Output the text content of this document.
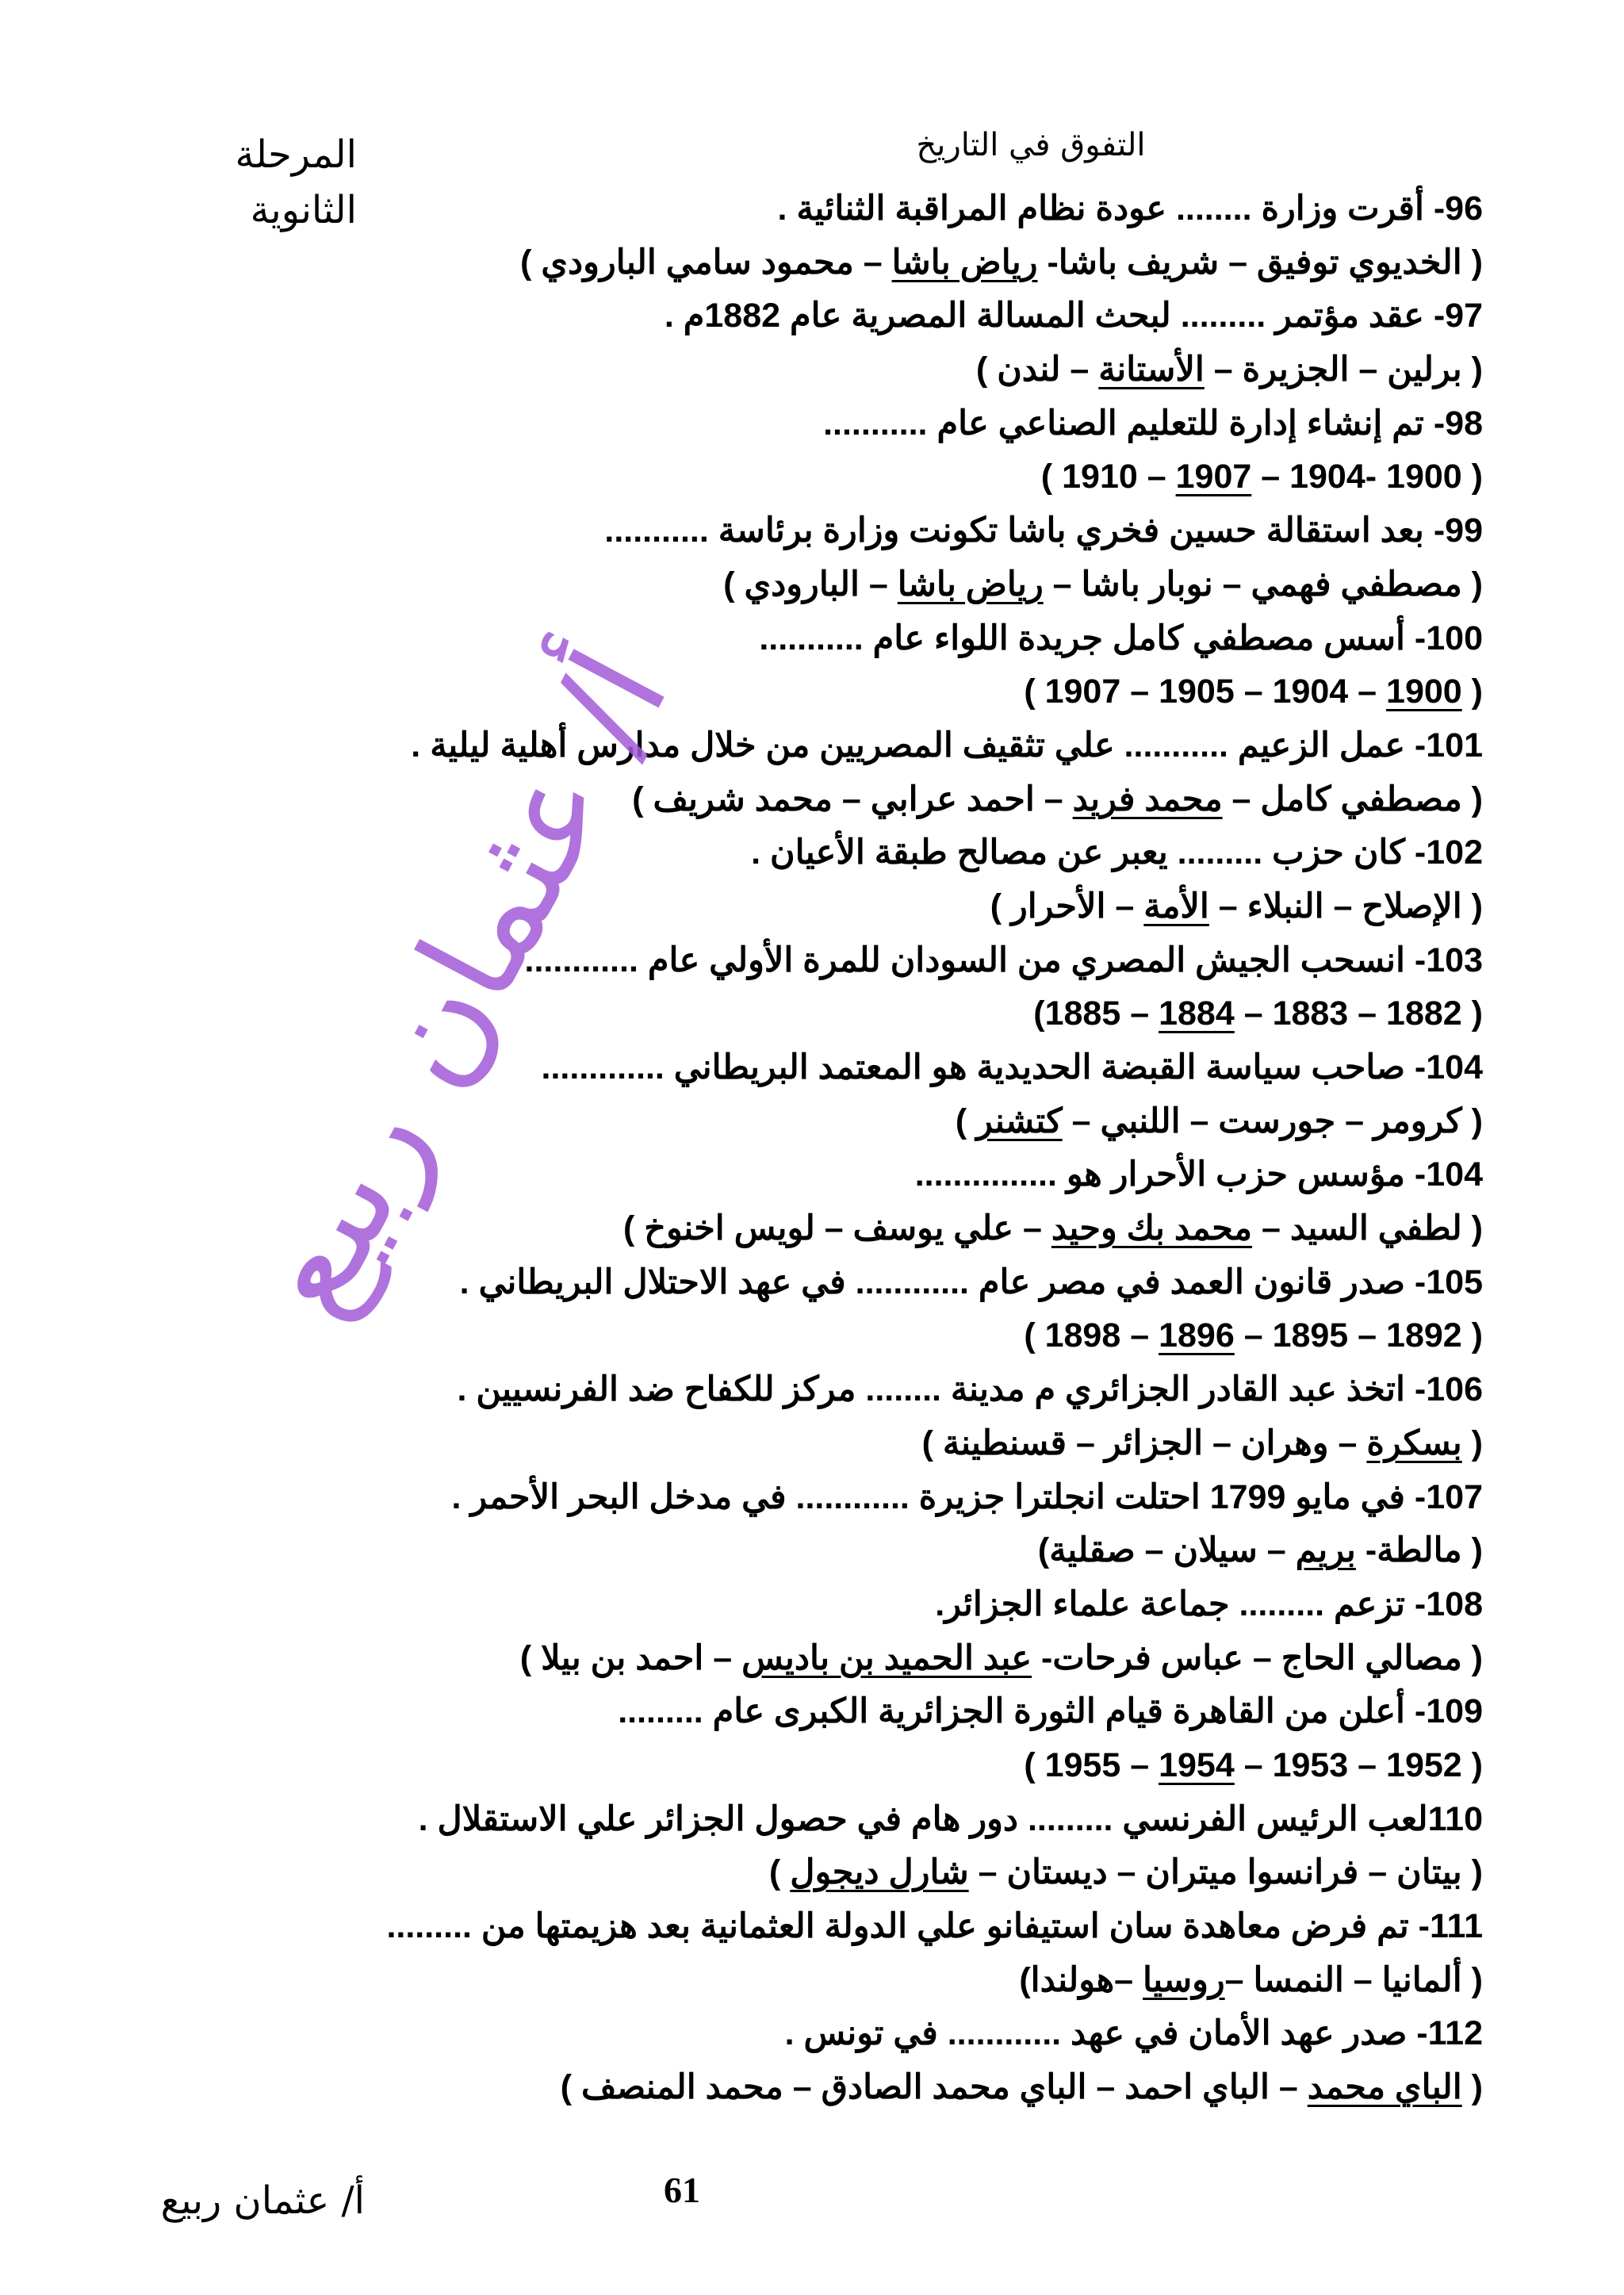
التفوق في التاريخ
المرحلة الثانوية	96- أقرت وزارة ........ عودة نظام المراقبة الثنائية .
( الخديوي توفيق – شريف باشا- رياض باشا – محمود سامي البارودي )
97- عقد مؤتمر ......... لبحث المسالة المصرية عام 1882م .
( برلين – الجزيرة – الأستانة – لندن )
98- تم إنشاء إدارة للتعليم الصناعي عام ...........
( 1900 -1904 – 1907 – 1910 )
99- بعد استقالة حسين فخري باشا تكونت وزارة برئاسة ...........
( مصطفي فهمي – نوبار باشا – رياض باشا – البارودي )
100- أسس مصطفي كامل جريدة اللواء عام ...........
( 1900 – 1904 – 1905 – 1907 )
101- عمل الزعيم ........... علي تثقيف المصريين من خلال مدارس أهلية ليلية .
( مصطفي كامل – محمد فريد – احمد عرابي – محمد شريف )
102- كان حزب ......... يعبر عن مصالح طبقة الأعيان .
( الإصلاح – النبلاء – الأمة – الأحرار )
103- انسحب الجيش المصري من السودان للمرة الأولي عام ............
( 1882 – 1883 – 1884 – 1885)
104- صاحب سياسة القبضة الحديدية هو المعتمد البريطاني .............
( كرومر – جورست – اللنبي – كتشنر )
104- مؤسس حزب الأحرار هو ...............
( لطفي السيد – محمد بك وحيد – علي يوسف – لويس اخنوخ )
105- صدر قانون العمد في مصر عام ............ في عهد الاحتلال البريطاني .
( 1892 – 1895 – 1896 – 1898 )
106- اتخذ عبد القادر الجزائري م مدينة ........ مركز للكفاح ضد الفرنسيين .
( بسكرة – وهران – الجزائر – قسنطينة )
107- في مايو 1799 احتلت انجلترا جزيرة ............ في مدخل البحر الأحمر .
( مالطة- بريم – سيلان – صقلية)
108- تزعم ......... جماعة علماء الجزائر.
( مصالي الحاج – عباس فرحات- عبد الحميد بن باديس – احمد بن بيلا )
109- أعلن من القاهرة قيام الثورة الجزائرية الكبرى عام .........
( 1952 – 1953 – 1954 – 1955 )
110لعب الرئيس الفرنسي ......... دور هام في حصول الجزائر علي الاستقلال .
( بيتان – فرانسوا ميتران – ديستان – شارل ديجول )
111- تم فرض معاهدة سان استيفانو علي الدولة العثمانية بعد هزيمتها من .........
( ألمانيا – النمسا –روسيا –هولندا)
112- صدر عهد الأمان في عهد ............ في تونس .
( الباي محمد – الباي احمد – الباي محمد الصادق – محمد المنصف )
أ/ عثمان ربيع
61
أ/ عثمان ربيع
